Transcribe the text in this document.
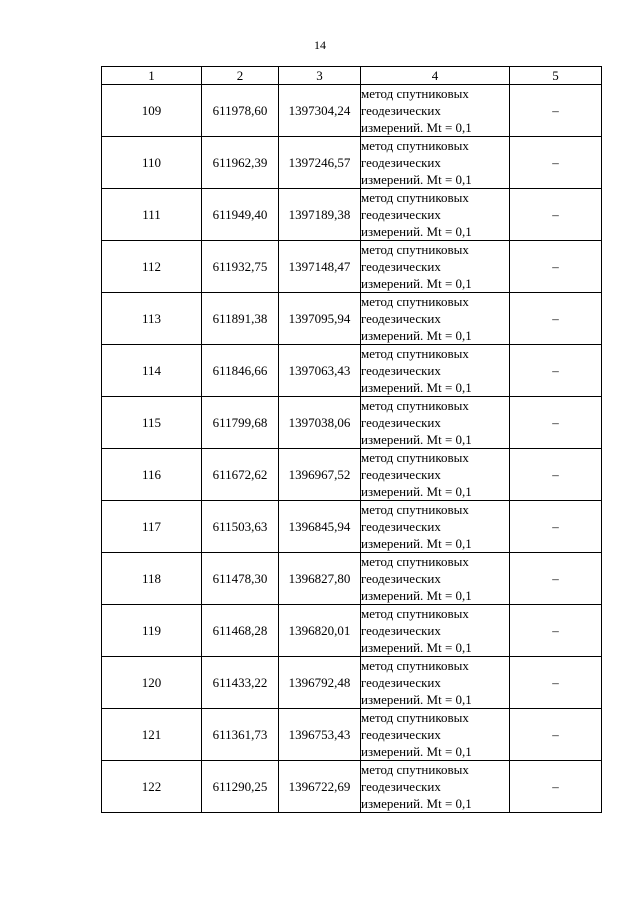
14
1	2	3	4	5
109	611978,60	1397304,24	метод спутниковых
геодезических
измерений. Mt = 0,1	–
110	611962,39	1397246,57	метод спутниковых
геодезических
измерений. Mt = 0,1	–
111	611949,40	1397189,38	метод спутниковых
геодезических
измерений. Mt = 0,1	–
112	611932,75	1397148,47	метод спутниковых
геодезических
измерений. Mt = 0,1	–
113	611891,38	1397095,94	метод спутниковых
геодезических
измерений. Mt = 0,1	–
114	611846,66	1397063,43	метод спутниковых
геодезических
измерений. Mt = 0,1	–
115	611799,68	1397038,06	метод спутниковых
геодезических
измерений. Mt = 0,1	–
116	611672,62	1396967,52	метод спутниковых
геодезических
измерений. Mt = 0,1	–
117	611503,63	1396845,94	метод спутниковых
геодезических
измерений. Mt = 0,1	–
118	611478,30	1396827,80	метод спутниковых
геодезических
измерений. Mt = 0,1	–
119	611468,28	1396820,01	метод спутниковых
геодезических
измерений. Mt = 0,1	–
120	611433,22	1396792,48	метод спутниковых
геодезических
измерений. Mt = 0,1	–
121	611361,73	1396753,43	метод спутниковых
геодезических
измерений. Mt = 0,1	–
122	611290,25	1396722,69	метод спутниковых
геодезических
измерений. Mt = 0,1	–
